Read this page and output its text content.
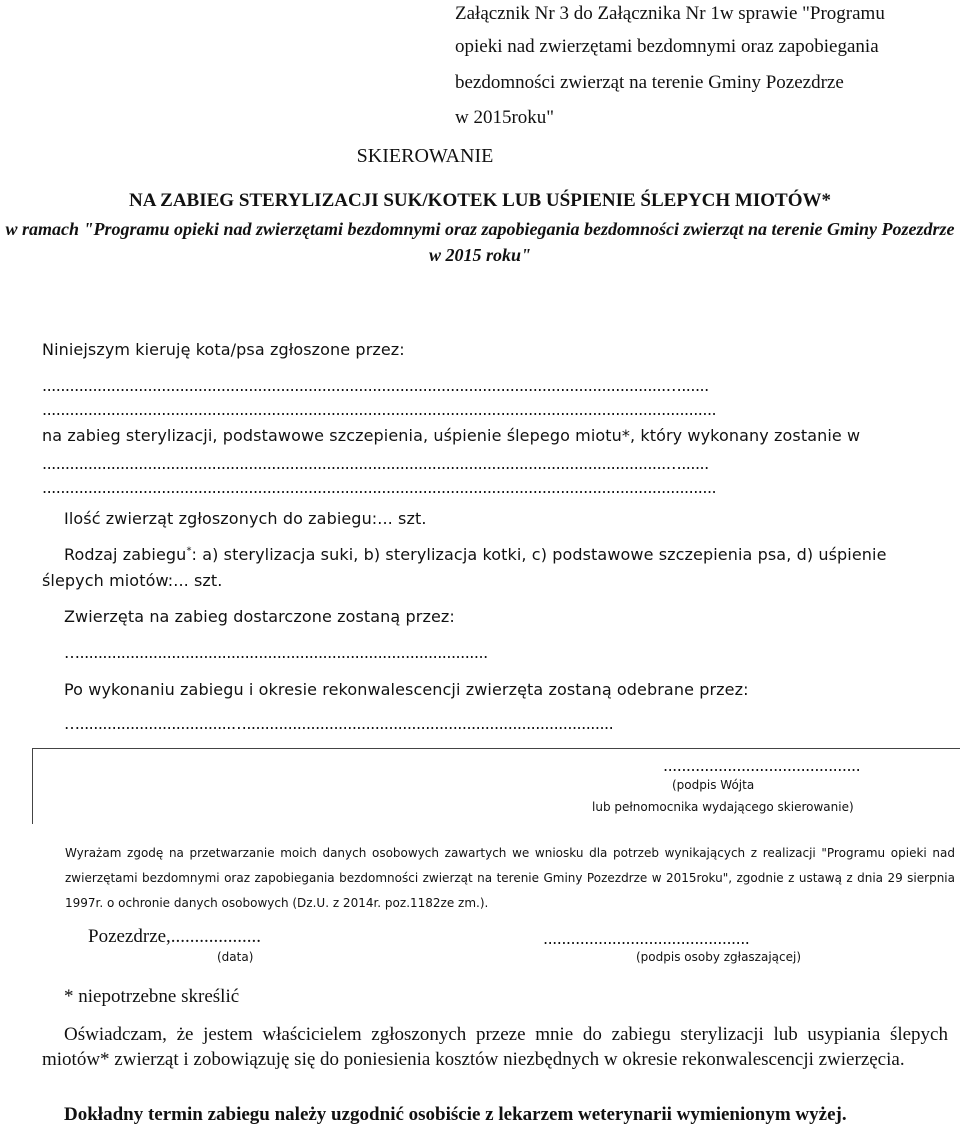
Załącznik Nr 3 do Załącznika Nr 1w sprawie "Programu

opieki nad zwierzętami bezdomnymi oraz zapobiegania

bezdomności zwierząt na terenie Gminy Pozezdrze

w 2015roku"

SKIEROWANIE

NA ZABIEG STERYLIZACJI SUK/KOTEK LUB UŚPIENIE ŚLEPYCH MIOTÓW*

w ramach "Programu opieki nad zwierzętami bezdomnymi oraz zapobiegania bezdomności zwierząt na terenie Gminy Pozezdrze w 2015 roku"

Niniejszym kieruję kota/psa zgłoszone przez:

........................................................................................................................................…......

...................................................................................................................................................

na zabieg sterylizacji, podstawowe szczepienia, uśpienie ślepego miotu*, który wykonany zostanie w

........................................................................................................................................…......

...................................................................................................................................................

Ilość zwierząt zgłoszonych do zabiegu:... szt.

Rodzaj zabiegu*: a) sterylizacja suki, b) sterylizacja kotki, c) podstawowe szczepienia psa, d) uśpienie

ślepych miotów:... szt.

Zwierzęta na zabieg dostarczone zostaną przez:

….........................................................................................

Po wykonaniu zabiegu i okresie rekonwalescencji zwierzęta zostaną odebrane przez:

….................................…................................................................................

...........................................

(podpis Wójta

lub pełnomocnika wydającego skierowanie)

Wyrażam zgodę na przetwarzanie moich danych osobowych zawartych we wniosku dla potrzeb wynikających z realizacji "Programu opieki nad zwierzętami bezdomnymi oraz zapobiegania bezdomności zwierząt na terenie Gminy Pozezdrze w 2015roku", zgodnie z ustawą z dnia 29 sierpnia 1997r. o ochronie danych osobowych (Dz.U. z 2014r. poz.1182ze zm.).

Pozezdrze,...................

(data)

.............................................

(podpis osoby zgłaszającej)

* niepotrzebne skreślić

Oświadczam, że jestem właścicielem zgłoszonych przeze mnie do zabiegu sterylizacji lub usypiania ślepych miotów* zwierząt i zobowiązuję się do poniesienia kosztów niezbędnych w okresie rekonwalescencji zwierzęcia.

Dokładny termin zabiegu należy uzgodnić osobiście z lekarzem weterynarii wymienionym wyżej.
